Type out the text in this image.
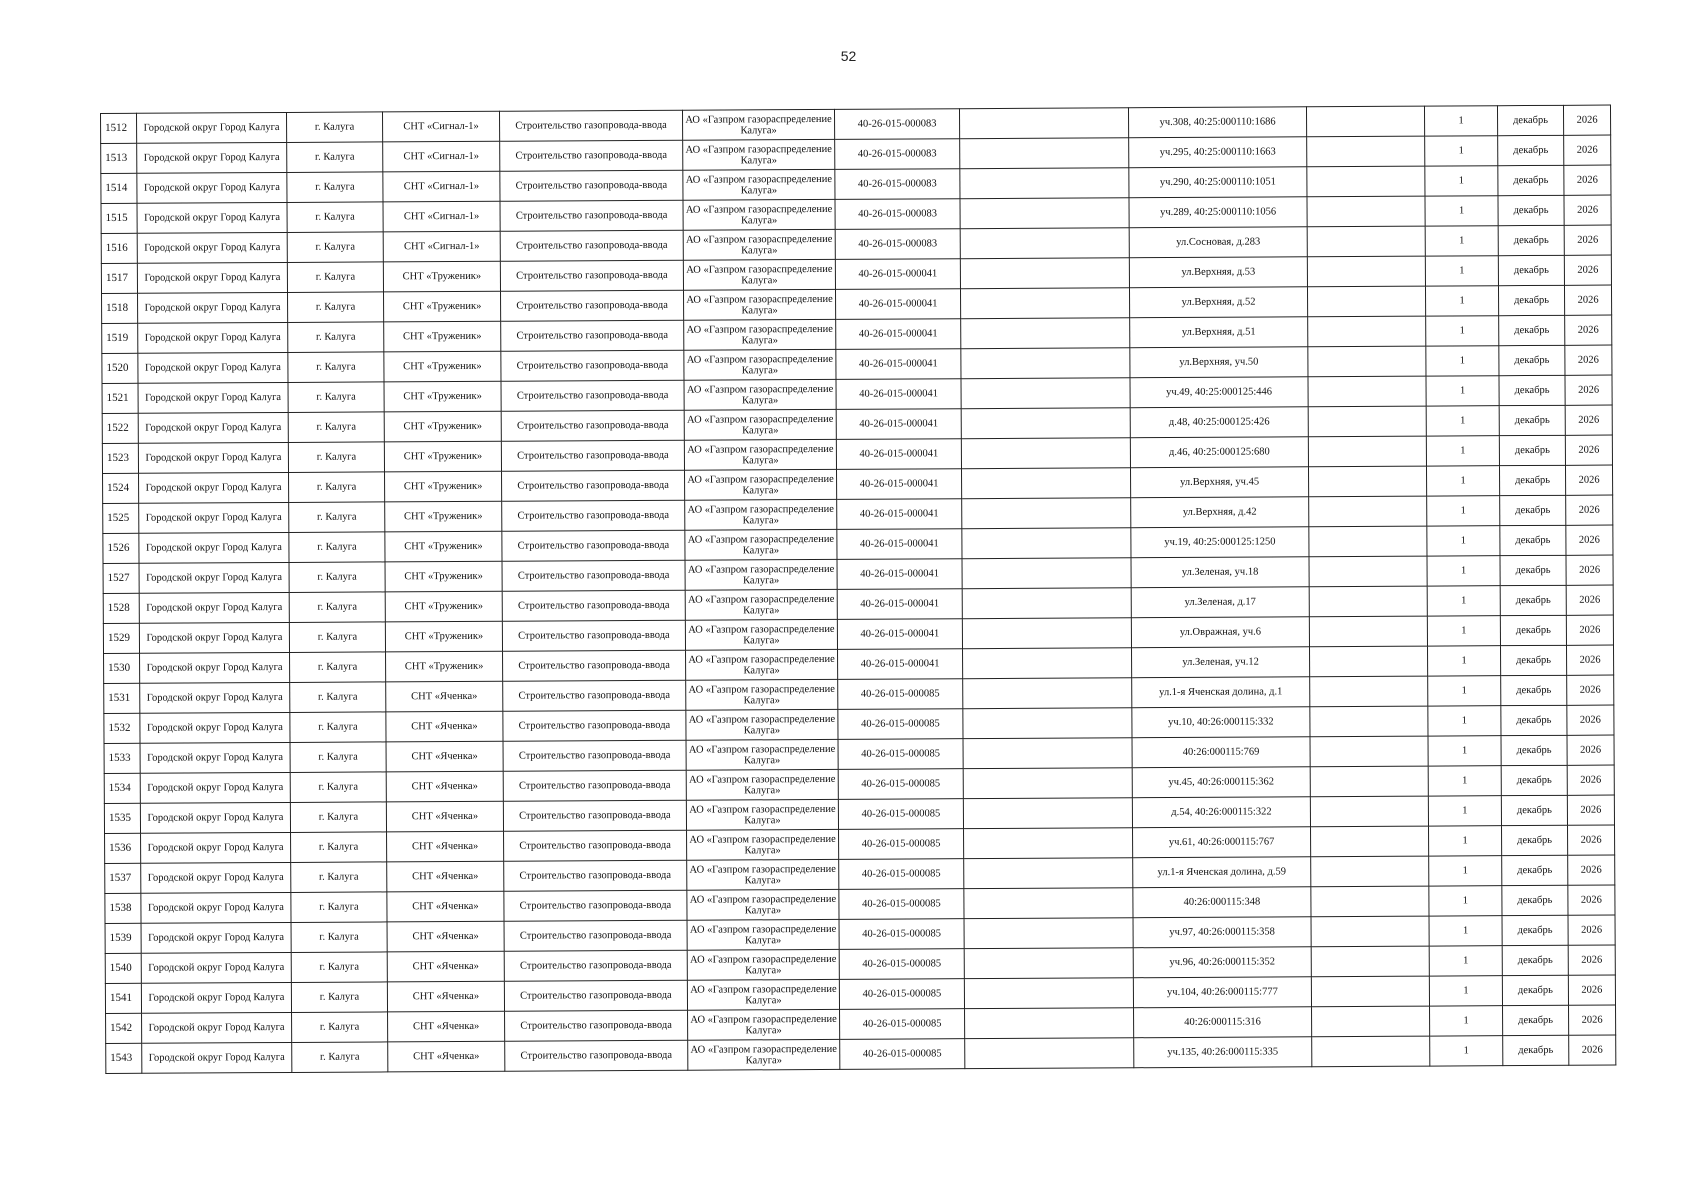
52
1512	Городской округ Город Калуга	г. Калуга	СНТ «Сигнал-1»	Строительство газопровода-ввода	АО «Газпром газораспределение Калуга»	40-26-015-000083		уч.308, 40:25:000110:1686		1	декабрь	2026
1513	Городской округ Город Калуга	г. Калуга	СНТ «Сигнал-1»	Строительство газопровода-ввода	АО «Газпром газораспределение Калуга»	40-26-015-000083		уч.295, 40:25:000110:1663		1	декабрь	2026
1514	Городской округ Город Калуга	г. Калуга	СНТ «Сигнал-1»	Строительство газопровода-ввода	АО «Газпром газораспределение Калуга»	40-26-015-000083		уч.290, 40:25:000110:1051		1	декабрь	2026
1515	Городской округ Город Калуга	г. Калуга	СНТ «Сигнал-1»	Строительство газопровода-ввода	АО «Газпром газораспределение Калуга»	40-26-015-000083		уч.289, 40:25:000110:1056		1	декабрь	2026
1516	Городской округ Город Калуга	г. Калуга	СНТ «Сигнал-1»	Строительство газопровода-ввода	АО «Газпром газораспределение Калуга»	40-26-015-000083		ул.Сосновая, д.283		1	декабрь	2026
1517	Городской округ Город Калуга	г. Калуга	СНТ «Труженик»	Строительство газопровода-ввода	АО «Газпром газораспределение Калуга»	40-26-015-000041		ул.Верхняя, д.53		1	декабрь	2026
1518	Городской округ Город Калуга	г. Калуга	СНТ «Труженик»	Строительство газопровода-ввода	АО «Газпром газораспределение Калуга»	40-26-015-000041		ул.Верхняя, д.52		1	декабрь	2026
1519	Городской округ Город Калуга	г. Калуга	СНТ «Труженик»	Строительство газопровода-ввода	АО «Газпром газораспределение Калуга»	40-26-015-000041		ул.Верхняя, д.51		1	декабрь	2026
1520	Городской округ Город Калуга	г. Калуга	СНТ «Труженик»	Строительство газопровода-ввода	АО «Газпром газораспределение Калуга»	40-26-015-000041		ул.Верхняя, уч.50		1	декабрь	2026
1521	Городской округ Город Калуга	г. Калуга	СНТ «Труженик»	Строительство газопровода-ввода	АО «Газпром газораспределение Калуга»	40-26-015-000041		уч.49, 40:25:000125:446		1	декабрь	2026
1522	Городской округ Город Калуга	г. Калуга	СНТ «Труженик»	Строительство газопровода-ввода	АО «Газпром газораспределение Калуга»	40-26-015-000041		д.48, 40:25:000125:426		1	декабрь	2026
1523	Городской округ Город Калуга	г. Калуга	СНТ «Труженик»	Строительство газопровода-ввода	АО «Газпром газораспределение Калуга»	40-26-015-000041		д.46, 40:25:000125:680		1	декабрь	2026
1524	Городской округ Город Калуга	г. Калуга	СНТ «Труженик»	Строительство газопровода-ввода	АО «Газпром газораспределение Калуга»	40-26-015-000041		ул.Верхняя, уч.45		1	декабрь	2026
1525	Городской округ Город Калуга	г. Калуга	СНТ «Труженик»	Строительство газопровода-ввода	АО «Газпром газораспределение Калуга»	40-26-015-000041		ул.Верхняя, д.42		1	декабрь	2026
1526	Городской округ Город Калуга	г. Калуга	СНТ «Труженик»	Строительство газопровода-ввода	АО «Газпром газораспределение Калуга»	40-26-015-000041		уч.19, 40:25:000125:1250		1	декабрь	2026
1527	Городской округ Город Калуга	г. Калуга	СНТ «Труженик»	Строительство газопровода-ввода	АО «Газпром газораспределение Калуга»	40-26-015-000041		ул.Зеленая, уч.18		1	декабрь	2026
1528	Городской округ Город Калуга	г. Калуга	СНТ «Труженик»	Строительство газопровода-ввода	АО «Газпром газораспределение Калуга»	40-26-015-000041		ул.Зеленая, д.17		1	декабрь	2026
1529	Городской округ Город Калуга	г. Калуга	СНТ «Труженик»	Строительство газопровода-ввода	АО «Газпром газораспределение Калуга»	40-26-015-000041		ул.Овражная, уч.6		1	декабрь	2026
1530	Городской округ Город Калуга	г. Калуга	СНТ «Труженик»	Строительство газопровода-ввода	АО «Газпром газораспределение Калуга»	40-26-015-000041		ул.Зеленая, уч.12		1	декабрь	2026
1531	Городской округ Город Калуга	г. Калуга	СНТ «Яченка»	Строительство газопровода-ввода	АО «Газпром газораспределение Калуга»	40-26-015-000085		ул.1-я Яченская долина, д.1		1	декабрь	2026
1532	Городской округ Город Калуга	г. Калуга	СНТ «Яченка»	Строительство газопровода-ввода	АО «Газпром газораспределение Калуга»	40-26-015-000085		уч.10, 40:26:000115:332		1	декабрь	2026
1533	Городской округ Город Калуга	г. Калуга	СНТ «Яченка»	Строительство газопровода-ввода	АО «Газпром газораспределение Калуга»	40-26-015-000085		40:26:000115:769		1	декабрь	2026
1534	Городской округ Город Калуга	г. Калуга	СНТ «Яченка»	Строительство газопровода-ввода	АО «Газпром газораспределение Калуга»	40-26-015-000085		уч.45, 40:26:000115:362		1	декабрь	2026
1535	Городской округ Город Калуга	г. Калуга	СНТ «Яченка»	Строительство газопровода-ввода	АО «Газпром газораспределение Калуга»	40-26-015-000085		д.54, 40:26:000115:322		1	декабрь	2026
1536	Городской округ Город Калуга	г. Калуга	СНТ «Яченка»	Строительство газопровода-ввода	АО «Газпром газораспределение Калуга»	40-26-015-000085		уч.61, 40:26:000115:767		1	декабрь	2026
1537	Городской округ Город Калуга	г. Калуга	СНТ «Яченка»	Строительство газопровода-ввода	АО «Газпром газораспределение Калуга»	40-26-015-000085		ул.1-я Яченская долина, д.59		1	декабрь	2026
1538	Городской округ Город Калуга	г. Калуга	СНТ «Яченка»	Строительство газопровода-ввода	АО «Газпром газораспределение Калуга»	40-26-015-000085		40:26:000115:348		1	декабрь	2026
1539	Городской округ Город Калуга	г. Калуга	СНТ «Яченка»	Строительство газопровода-ввода	АО «Газпром газораспределение Калуга»	40-26-015-000085		уч.97, 40:26:000115:358		1	декабрь	2026
1540	Городской округ Город Калуга	г. Калуга	СНТ «Яченка»	Строительство газопровода-ввода	АО «Газпром газораспределение Калуга»	40-26-015-000085		уч.96, 40:26:000115:352		1	декабрь	2026
1541	Городской округ Город Калуга	г. Калуга	СНТ «Яченка»	Строительство газопровода-ввода	АО «Газпром газораспределение Калуга»	40-26-015-000085		уч.104, 40:26:000115:777		1	декабрь	2026
1542	Городской округ Город Калуга	г. Калуга	СНТ «Яченка»	Строительство газопровода-ввода	АО «Газпром газораспределение Калуга»	40-26-015-000085		40:26:000115:316		1	декабрь	2026
1543	Городской округ Город Калуга	г. Калуга	СНТ «Яченка»	Строительство газопровода-ввода	АО «Газпром газораспределение Калуга»	40-26-015-000085		уч.135, 40:26:000115:335		1	декабрь	2026
